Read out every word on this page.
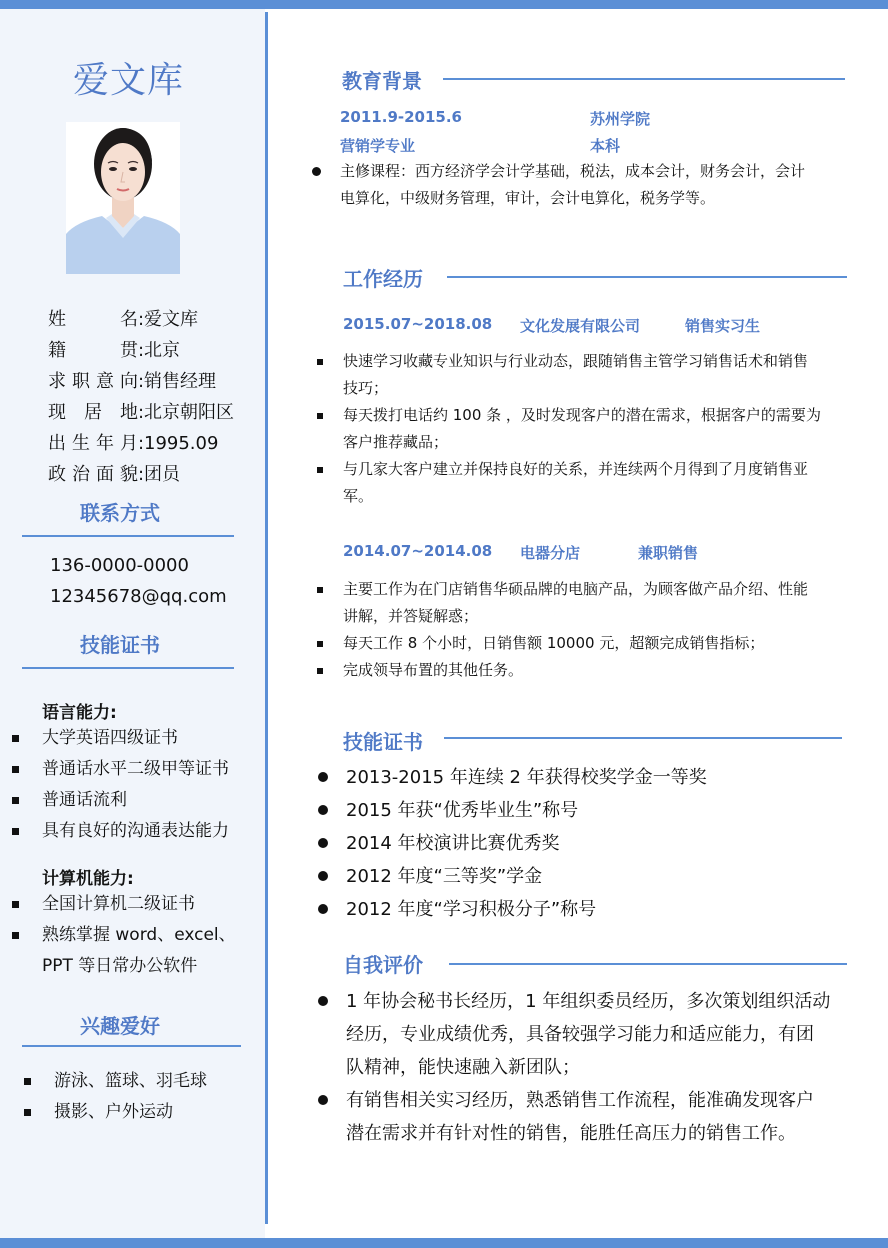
爱文库
姓名:爱文库
籍贯:北京
求职意向:销售经理
现居地:北京朝阳区
出生年月:1995.09
政治面貌:团员
联系方式
136-0000-0000
12345678@qq.com
技能证书
语言能力:
大学英语四级证书
普通话水平二级甲等证书
普通话流利
具有良好的沟通表达能力
计算机能力:
全国计算机二级证书
熟练掌握 word、excel、
PPT 等日常办公软件
兴趣爱好
游泳、篮球、羽毛球
摄影、户外运动
教育背景
2011.9-2015.6	苏州学院
营销学专业	本科
主修课程：西方经济学会计学基础，税法，成本会计，财务会计，会计
电算化，中级财务管理，审计，会计电算化，税务学等。
工作经历
2015.07~2018.08 文化发展有限公司	销售实习生
快速学习收藏专业知识与行业动态，跟随销售主管学习销售话术和销售
技巧；
每天拨打电话约 100 条 ，及时发现客户的潜在需求，根据客户的需要为
客户推荐藏品；
与几家大客户建立并保持良好的关系，并连续两个月得到了月度销售亚
军。
2014.07~2014.08 电器分店	兼职销售
主要工作为在门店销售华硕品牌的电脑产品，为顾客做产品介绍、性能
讲解，并答疑解惑；
每天工作 8 个小时，日销售额 10000 元，超额完成销售指标；
完成领导布置的其他任务。
技能证书
2013-2015 年连续 2 年获得校奖学金一等奖
2015 年获“优秀毕业生”称号
2014 年校演讲比赛优秀奖
2012 年度“三等奖”学金
2012 年度“学习积极分子”称号
自我评价
1 年协会秘书长经历，1 年组织委员经历，多次策划组织活动
经历，专业成绩优秀，具备较强学习能力和适应能力，有团
队精神，能快速融入新团队；
有销售相关实习经历，熟悉销售工作流程，能准确发现客户
潜在需求并有针对性的销售，能胜任高压力的销售工作。
